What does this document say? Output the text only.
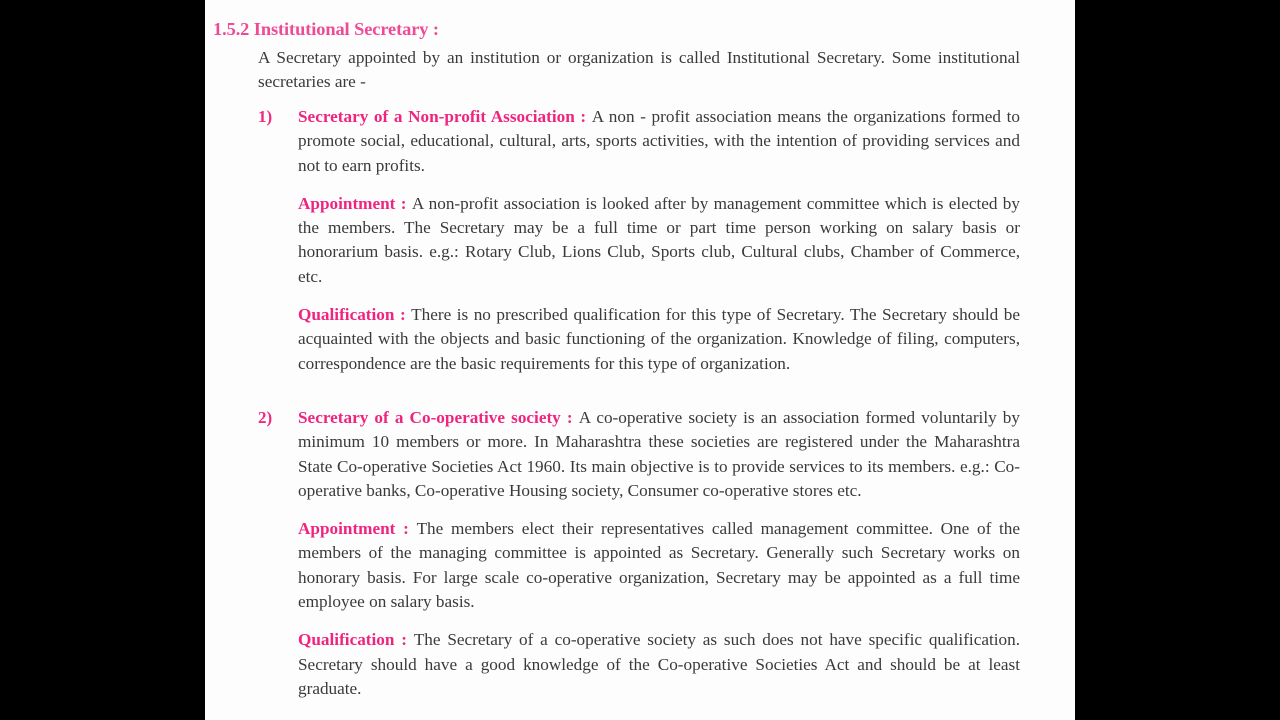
1.5.2 Institutional Secretary :
A Secretary appointed by an institution or organization is called Institutional Secretary. Some institutional secretaries are -
1)	Secretary of a Non-profit Association : A non - profit association means the organizations formed to promote social, educational, cultural, arts, sports activities, with the intention of providing services and not to earn profits.
Appointment : A non-profit association is looked after by management committee which is elected by the members. The Secretary may be a full time or part time person working on salary basis or honorarium basis. e.g.: Rotary Club, Lions Club, Sports club, Cultural clubs, Chamber of Commerce, etc.
Qualification : There is no prescribed qualification for this type of Secretary. The Secretary should be acquainted with the objects and basic functioning of the organization. Knowledge of filing, computers, correspondence are the basic requirements for this type of organization.
2)	Secretary of a Co-operative society : A co-operative society is an association formed voluntarily by minimum 10 members or more. In Maharashtra these societies are registered under the Maharashtra State Co-operative Societies Act 1960. Its main objective is to provide services to its members. e.g.: Co-operative banks, Co-operative Housing society, Consumer co-operative stores etc.
Appointment : The members elect their representatives called management committee. One of the members of the managing committee is appointed as Secretary. Generally such Secretary works on honorary basis. For large scale co-operative organization, Secretary may be appointed as a full time employee on salary basis.
Qualification : The Secretary of a co-operative society as such does not have specific qualification. Secretary should have a good knowledge of the Co-operative Societies Act and should be at least graduate.
